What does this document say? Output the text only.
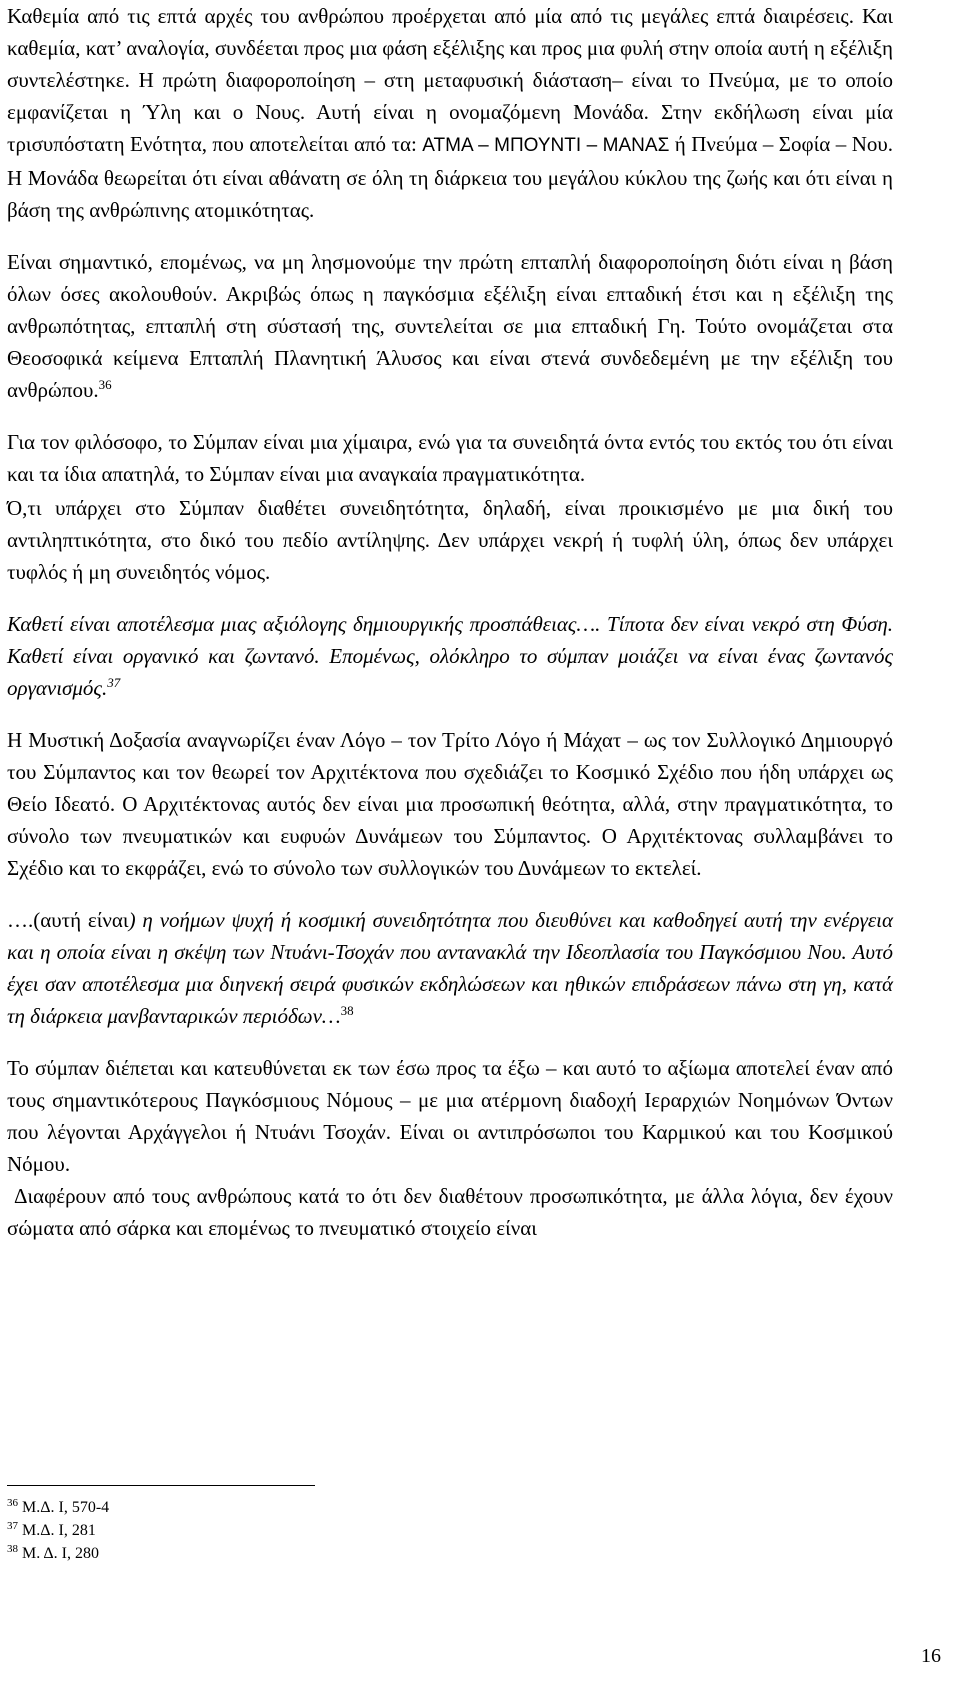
Καθεμία από τις επτά αρχές του ανθρώπου προέρχεται από μία από τις μεγάλες επτά διαιρέσεις. Και καθεμία, κατ’ αναλογία, συνδέεται προς μια φάση εξέλιξης και προς μια φυλή στην οποία αυτή η εξέλιξη συντελέστηκε. Η πρώτη διαφοροποίηση – στη μεταφυσική διάσταση– είναι το Πνεύμα, με το οποίο εμφανίζεται η Ύλη και ο Νους. Αυτή είναι η ονομαζόμενη Μονάδα. Στην εκδήλωση είναι μία τρισυπόστατη Ενότητα, που αποτελείται από τα: ΑΤΜΑ – ΜΠΟΥΝΤΙ – ΜΑΝΑΣ ή Πνεύμα – Σοφία – Νου. Η Μονάδα θεωρείται ότι είναι αθάνατη σε όλη τη διάρκεια του μεγάλου κύκλου της ζωής και ότι είναι η βάση της ανθρώπινης ατομικότητας.

Είναι σημαντικό, επομένως, να μη λησμονούμε την πρώτη επταπλή διαφοροποίηση διότι είναι η βάση όλων όσες ακολουθούν. Ακριβώς όπως η παγκόσμια εξέλιξη είναι επταδική έτσι και η εξέλιξη της ανθρωπότητας, επταπλή στη σύστασή της, συντελείται σε μια επταδική Γη. Τούτο ονομάζεται στα Θεοσοφικά κείμενα Επταπλή Πλανητική Άλυσος και είναι στενά συνδεδεμένη με την εξέλιξη του ανθρώπου.$^{36}$

Για τον φιλόσοφο, το Σύμπαν είναι μια χίμαιρα, ενώ για τα συνειδητά όντα εντός του εκτός του ότι είναι και τα ίδια απατηλά, το Σύμπαν είναι μια αναγκαία πραγματικότητα.

Ό,τι υπάρχει στο Σύμπαν διαθέτει συνειδητότητα, δηλαδή, είναι προικισμένο με μια δική του αντιληπτικότητα, στο δικό του πεδίο αντίληψης. Δεν υπάρχει νεκρή ή τυφλή ύλη, όπως δεν υπάρχει τυφλός ή μη συνειδητός νόμος.

Καθετί είναι αποτέλεσμα μιας αξιόλογης δημιουργικής προσπάθειας…. Τίποτα δεν είναι νεκρό στη Φύση. Καθετί είναι οργανικό και ζωντανό. Επομένως, ολόκληρο το σύμπαν μοιάζει να είναι ένας ζωντανός οργανισμός.$^{37}$

Η Μυστική Δοξασία αναγνωρίζει έναν Λόγο – τον Τρίτο Λόγο ή Μάχατ – ως τον Συλλογικό Δημιουργό του Σύμπαντος και τον θεωρεί τον Αρχιτέκτονα που σχεδιάζει το Κοσμικό Σχέδιο που ήδη υπάρχει ως Θείο Ιδεατό. Ο Αρχιτέκτονας αυτός δεν είναι μια προσωπική θεότητα, αλλά, στην πραγματικότητα, το σύνολο των πνευματικών και ευφυών Δυνάμεων του Σύμπαντος. Ο Αρχιτέκτονας συλλαμβάνει το Σχέδιο και το εκφράζει, ενώ το σύνολο των συλλογικών του Δυνάμεων το εκτελεί.

….(αυτή είναι) η νοήμων ψυχή ή κοσμική συνειδητότητα που διευθύνει και καθοδηγεί αυτή την ενέργεια και η οποία είναι η σκέψη των Ντυάνι-Τσοχάν που αντανακλά την Ιδεοπλασία του Παγκόσμιου Νου. Αυτό έχει σαν αποτέλεσμα μια διηνεκή σειρά φυσικών εκδηλώσεων και ηθικών επιδράσεων πάνω στη γη, κατά τη διάρκεια μανβανταρικών περιόδων…$^{38}$

Το σύμπαν διέπεται και κατευθύνεται εκ των έσω προς τα έξω – και αυτό το αξίωμα αποτελεί έναν από τους σημαντικότερους Παγκόσμιους Νόμους – με μια ατέρμονη διαδοχή Ιεραρχιών Νοημόνων Όντων που λέγονται Αρχάγγελοι ή Ντυάνι Τσοχάν. Είναι οι αντιπρόσωποι του Καρμικού και του Κοσμικού Νόμου.

Διαφέρουν από τους ανθρώπους κατά το ότι δεν διαθέτουν προσωπικότητα, με άλλα λόγια, δεν έχουν σώματα από σάρκα και επομένως το πνευματικό στοιχείο είναι

$^{36}$ Μ.Δ. Ι, 570-4
$^{37}$ Μ.Δ. Ι, 281
$^{38}$ Μ. Δ. Ι, 280
16
